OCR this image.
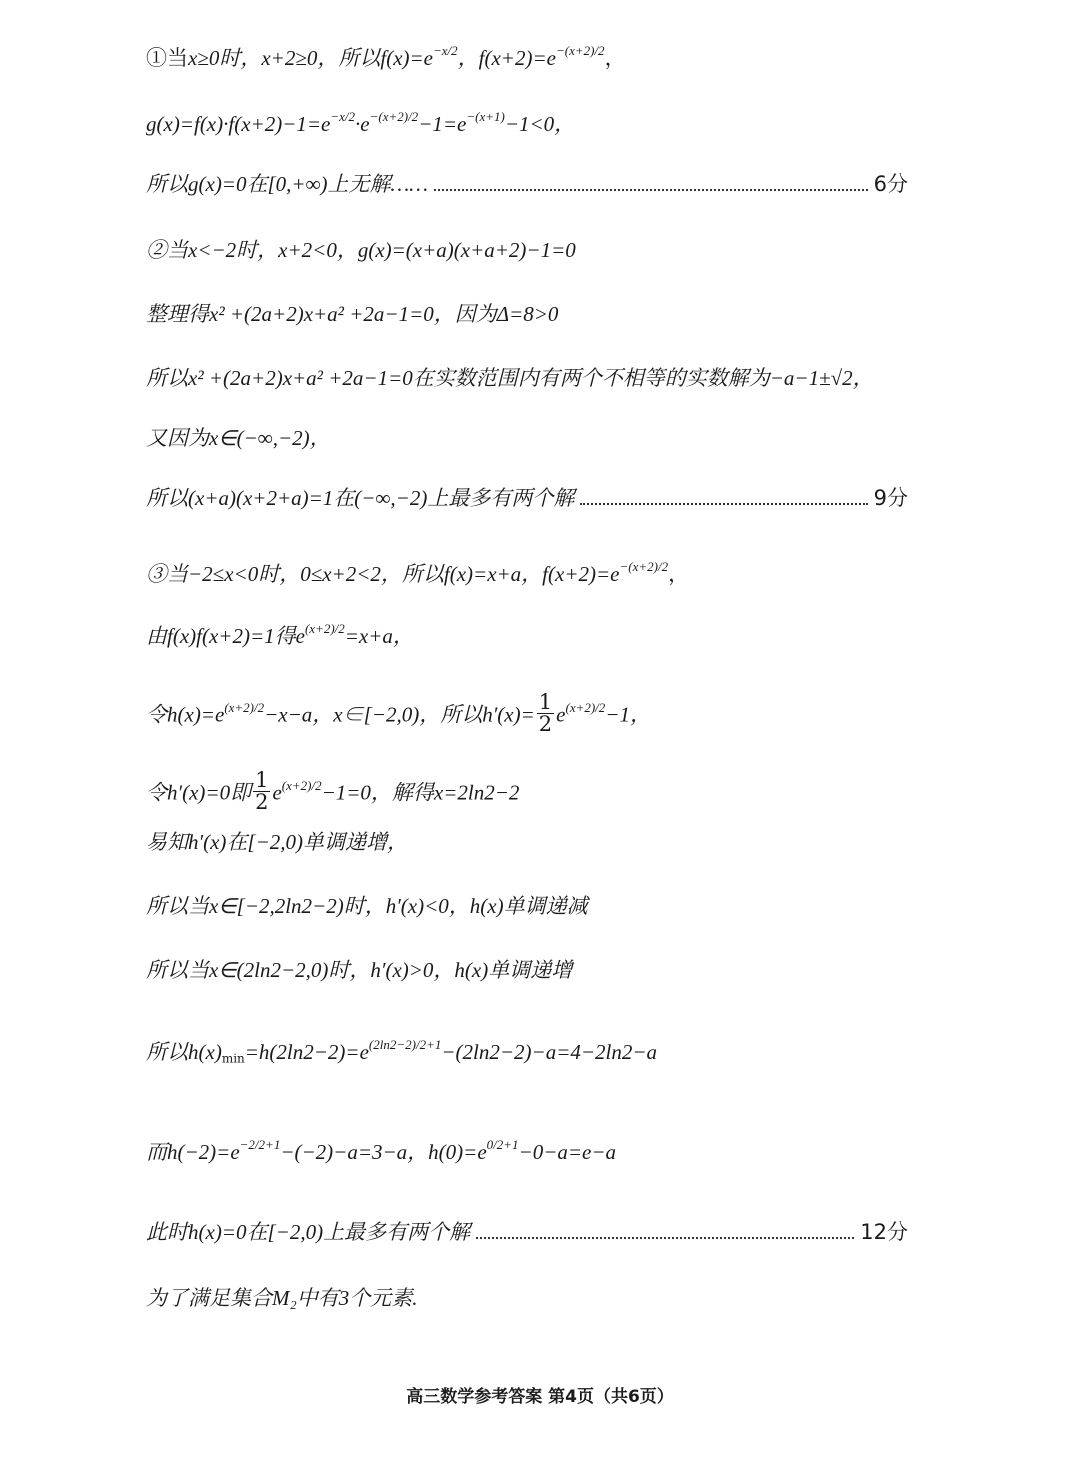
①当x≥0时，x+2≥0，所以f(x)=e−x/2，f(x+2)=e−(x+2)/2，
g(x)=f(x)·f(x+2)−1=e−x/2·e−(x+2)/2−1=e−(x+1)−1<0，
所以g(x)=0在[0,+∞)上无解……	6分
②当x<−2时，x+2<0，g(x)=(x+a)(x+a+2)−1=0
整理得x² +(2a+2)x+a² +2a−1=0，因为Δ=8>0
所以x² +(2a+2)x+a² +2a−1=0在实数范围内有两个不相等的实数解为−a−1±√2，
又因为x∈(−∞,−2)，
所以(x+a)(x+2+a)=1在(−∞,−2)上最多有两个解	9分
③当−2≤x<0时，0≤x+2<2，所以f(x)=x+a，f(x+2)=e−(x+2)/2，
由f(x)f(x+2)=1得e(x+2)/2=x+a，
令h(x)=e(x+2)/2−x−a，x∈[−2,0)，所以$h'(x)= \frac{1}{2} e(x+2)/2-1$，
令h′(x)=0即 $\frac{1}{2} e(x+2)/2-1=0$，解得x=2ln2−2
易知h′(x)在[−2,0)单调递增，
所以当x∈[−2,2ln2−2)时，h′(x)<0，h(x)单调递减
所以当x∈(2ln2−2,0)时，h′(x)>0，h(x)单调递增
所以h(x)min=h(2ln2−2)=e(2ln2−2)/2+1−(2ln2−2)−a=4−2ln2−a
而h(−2)=e−2/2+1−(−2)−a=3−a，h(0)=e0/2+1−0−a=e−a
此时h(x)=0在[−2,0)上最多有两个解	12分
为了满足集合M₂中有3个元素.
高三数学参考答案 第4页（共6页）
